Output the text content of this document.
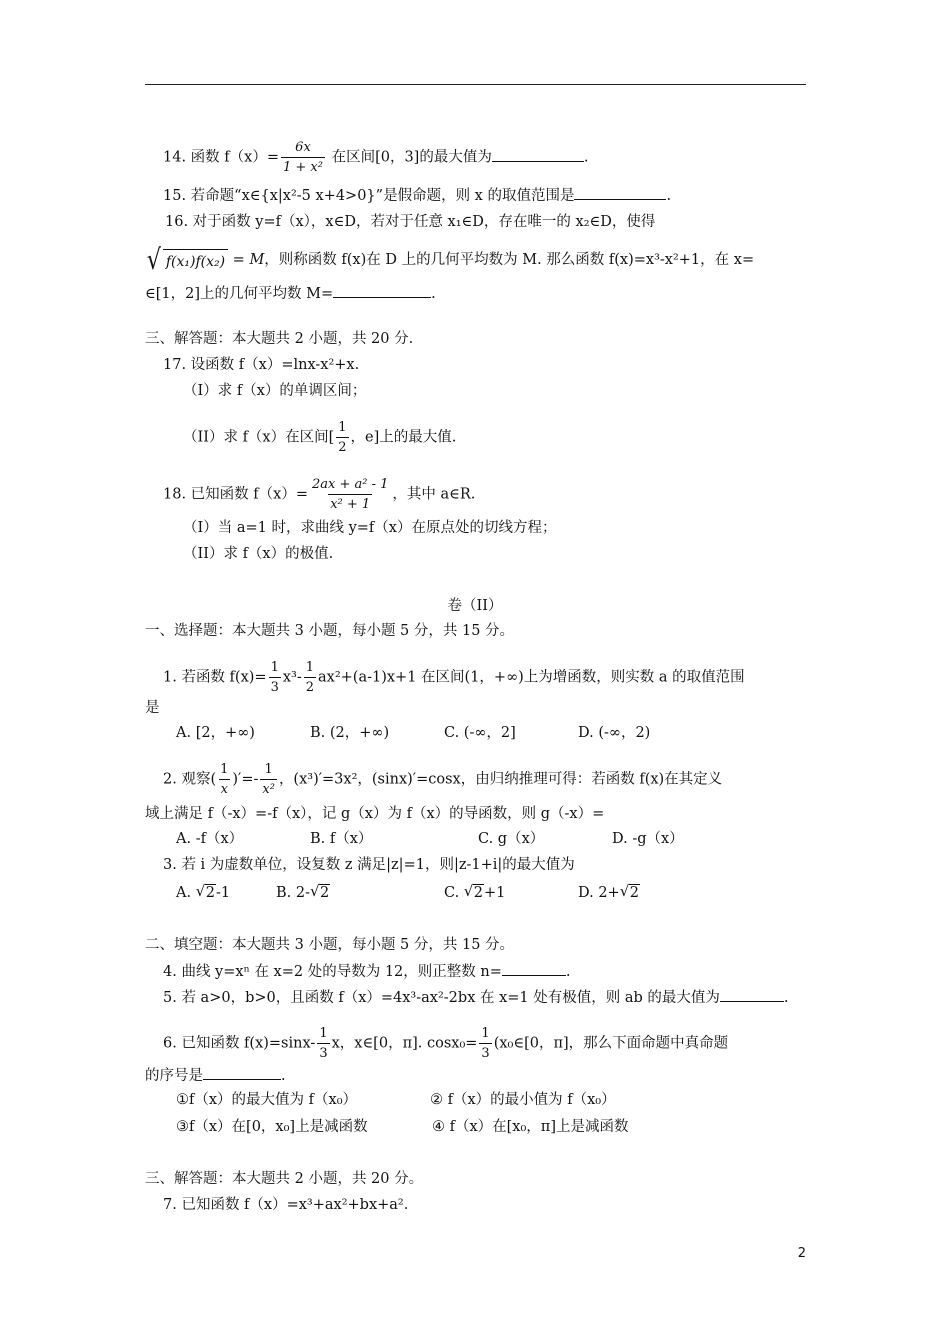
14. 函数 $f(x)= \frac{6x}{\text{1 + x²}}$ 在区间[0，3]的最大值为	.
15. 若命题“x∈{x|x²-5 x+4>0}”是假命题，则 x 的取值范围是	.
16. 对于函数 y=f（x），x∈D，若对于任意 x₁∈D，存在唯一的 x₂∈D，使得
√ f(x₁)f(x₂) = M，则称函数 f(x)在 D 上的几何平均数为 M. 那么函数 f(x)=x³-x²+1，在 x=
∈[1，2]上的几何平均数 M=	.
三、解答题：本大题共 2 小题，共 20 分.
17. 设函数 f（x）=lnx-x²+x.
（I）求 f（x）的单调区间；
（II）求 f（x）在区间[ $\frac{1}{2}$ ，e]上的最大值.
18. 已知函数 $f(x)= \frac{\text{2ax + a² - 1}}{\text{x² + 1}}$ ，其中 a∈R.
（I）当 a=1 时，求曲线 y=f（x）在原点处的切线方程；
（II）求 f（x）的极值.
卷（II）
一、选择题：本大题共 3 小题，每小题 5 分，共 15 分。
1. 若函数 $f(x)= \frac{1}{3} x^3- \frac{1}{2} ax^2+(a-1)x+1$ 在区间(1，+∞)上为增函数，则实数 a 的取值范围
是
A. [2，+∞)	B. (2，+∞)	C. (-∞，2]	D. (-∞，2)
2. 观察( $\frac{1}{x}$ )′=- $\frac{1}{\text{x²}}$ ，(x³)′=3x²，(sinx)′=cosx，由归纳推理可得：若函数 f(x)在其定义
域上满足 f（-x）=-f（x），记 g（x）为 f（x）的导函数，则 g（-x）=
A. -f（x）	B. f（x）	C. g（x）	D. -g（x）
3. 若 i 为虚数单位，设复数 z 满足|z|=1，则|z-1+i|的最大值为
A. √ 2-1	B. 2- √ 2	C. √ 2+1	D. 2+ √ 2
二、填空题：本大题共 3 小题，每小题 5 分，共 15 分。
4. 曲线 y=xⁿ 在 x=2 处的导数为 12，则正整数 n=	.
5. 若 a>0，b>0，且函数 f（x）=4x³-ax²-2bx 在 x=1 处有极值，则 ab 的最大值为	.
6. 已知函数 $f(x)=\sin x- \frac{1}{3}$ x，x∈[0，π]. $\cos x_0= \frac{1}{3}$ (x₀∈[0，π]，那么下面命题中真命题
的序号是	.
①f（x）的最大值为 f（x₀）	② f（x）的最小值为 f（x₀）
③f（x）在[0，x₀]上是减函数	④ f（x）在[x₀，π]上是减函数
三、解答题：本大题共 2 小题，共 20 分。
7. 已知函数 f（x）=x³+ax²+bx+a².
2
